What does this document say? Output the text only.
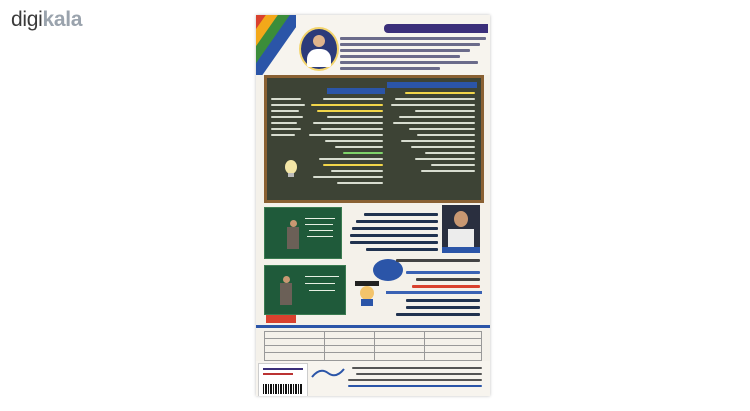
digikala
